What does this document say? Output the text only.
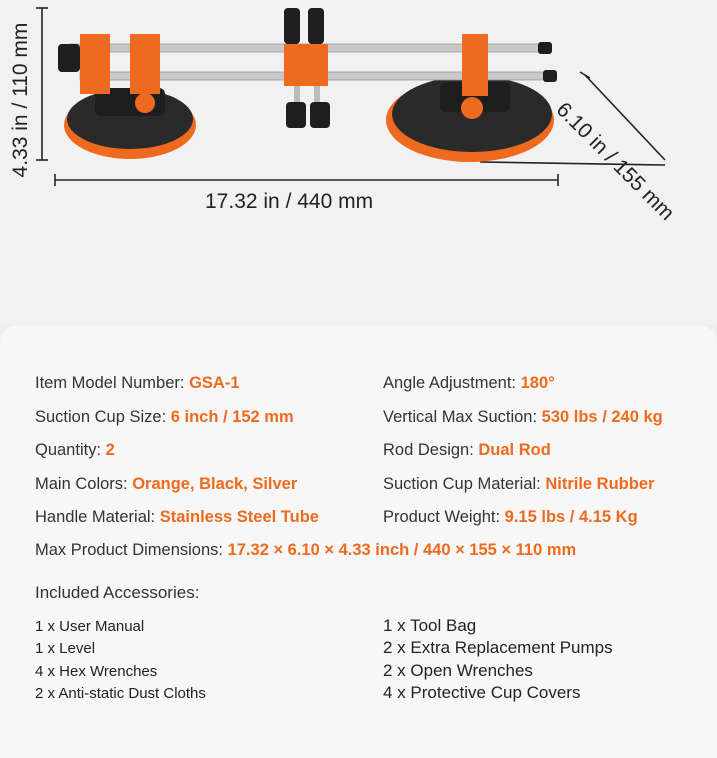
17.32 in / 440 mm
4.33 in / 110 mm	6.10 in / 155 mm
Item Model Number: GSA-1
Suction Cup Size: 6 inch / 152 mm
Quantity: 2
Main Colors: Orange, Black, Silver
Handle Material: Stainless Steel Tube
Angle Adjustment: 180°
Vertical Max Suction: 530 lbs / 240 kg
Rod Design: Dual Rod
Suction Cup Material: Nitrile Rubber
Product Weight: 9.15 lbs / 4.15 Kg
Max Product Dimensions: 17.32 × 6.10 × 4.33 inch / 440 × 155 × 110 mm
Included Accessories:
1 x User Manual
1 x Level
4 x Hex Wrenches
2 x Anti-static Dust Cloths
1 x Tool Bag
2 x Extra Replacement Pumps
2 x Open Wrenches
4 x Protective Cup Covers
